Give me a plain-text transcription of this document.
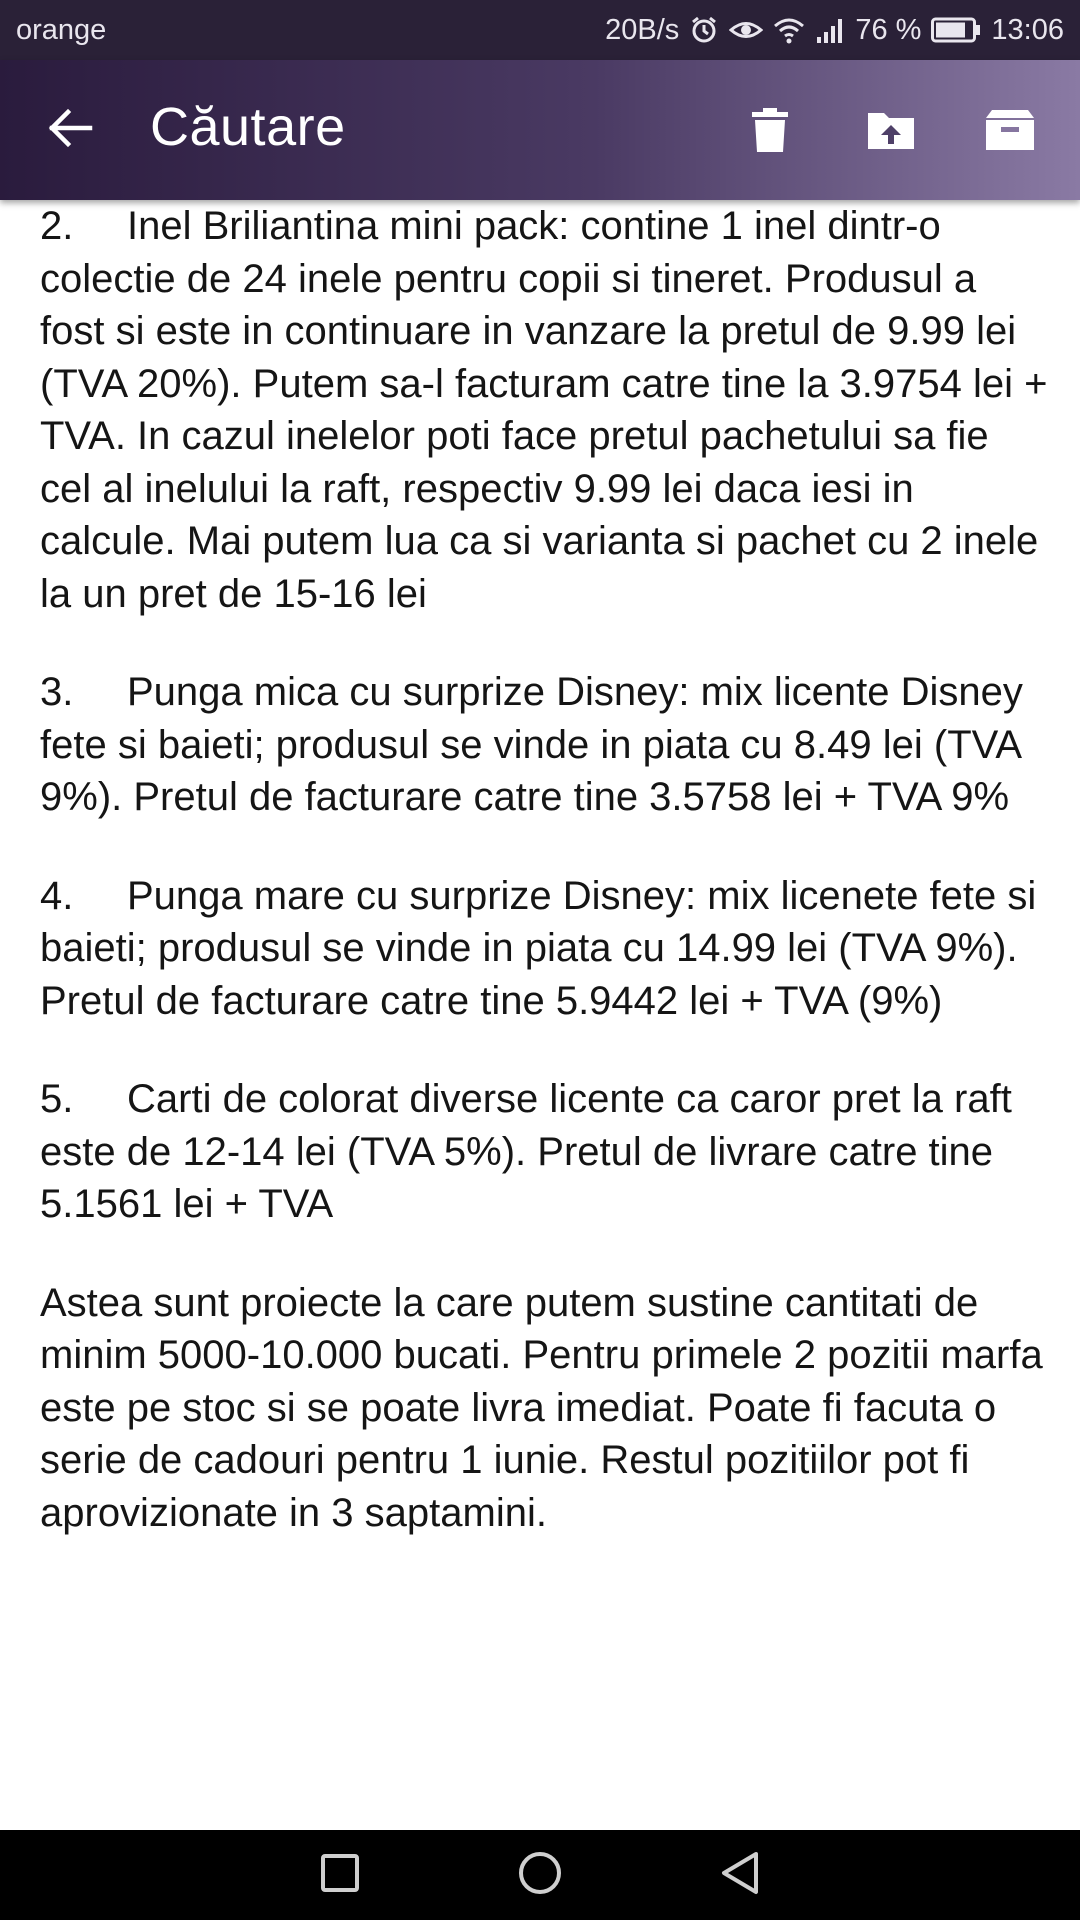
orange	20B/s	76 % 13:06
Căutare

2. Inel Briliantina mini pack: contine 1 inel dintr-o colectie de 24 inele pentru copii si tineret. Produsul a fost si este in continuare in vanzare la pretul de 9.99 lei (TVA 20%). Putem sa-l facturam catre tine la 3.9754 lei + TVA. In cazul inelelor poti face pretul pachetului sa fie cel al inelului la raft, respectiv 9.99 lei daca iesi in calcule. Mai putem lua ca si varianta si pachet cu 2 inele la un pret de 15-16 lei

3. Punga mica cu surprize Disney: mix licente Disney fete si baieti; produsul se vinde in piata cu 8.49 lei (TVA 9%). Pretul de facturare catre tine 3.5758 lei + TVA 9%

4. Punga mare cu surprize Disney: mix licenete fete si baieti; produsul se vinde in piata cu 14.99 lei (TVA 9%). Pretul de facturare catre tine 5.9442 lei + TVA (9%)

5. Carti de colorat diverse licente ca caror pret la raft este de 12-14 lei (TVA 5%). Pretul de livrare catre tine 5.1561 lei + TVA

Astea sunt proiecte la care putem sustine cantitati de minim 5000-10.000 bucati. Pentru primele 2 pozitii marfa este pe stoc si se poate livra imediat. Poate fi facuta o serie de cadouri pentru 1 iunie. Restul pozitiilor pot fi aprovizionate in 3 saptamini.
